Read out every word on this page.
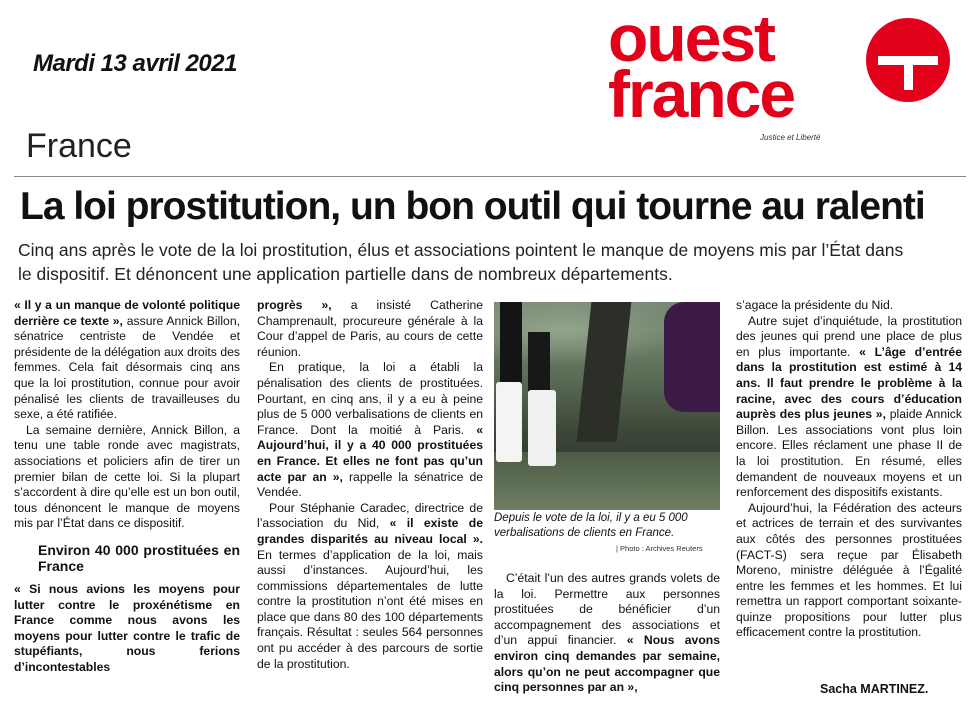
Mardi 13 avril 2021	ouest
france
Justice et Liberté
France
La loi prostitution, un bon outil qui tourne au ralenti
Cinq ans après le vote de la loi prostitution, élus et associations pointent le manque de moyens mis par l’État dans le dispositif. Et dénoncent une application partielle dans de nombreux départements.

« Il y a un manque de volonté politique derrière ce texte », assure Annick Billon, sénatrice centriste de Vendée et présidente de la délégation aux droits des femmes. Cela fait désormais cinq ans que la loi prostitution, connue pour avoir pénalisé les clients de travailleuses du sexe, a été ratifiée.

La semaine dernière, Annick Billon, a tenu une table ronde avec magistrats, associations et policiers afin de tirer un premier bilan de cette loi. Si la plupart s’accordent à dire qu’elle est un bon outil, tous dénoncent le manque de moyens mis par l’État dans ce dispositif.

Environ 40 000 prostituées en France

« Si nous avions les moyens pour lutter contre le proxénétisme en France comme nous avons les moyens pour lutter contre le trafic de stupéfiants, nous ferions d’incontestables

progrès », a insisté Catherine Champrenault, procureure générale à la Cour d’appel de Paris, au cours de cette réunion.

En pratique, la loi a établi la pénalisation des clients de prostituées. Pourtant, en cinq ans, il y a eu à peine plus de 5 000 verbalisations de clients en France. Dont la moitié à Paris. « Aujourd’hui, il y a 40 000 prostituées en France. Et elles ne font pas qu’un acte par an », rappelle la sénatrice de Vendée.

Pour Stéphanie Caradec, directrice de l’association du Nid, « il existe de grandes disparités au niveau local ». En termes d’application de la loi, mais aussi d’instances. Aujourd’hui, les commissions départementales de lutte contre la prostitution n’ont été mises en place que dans 80 des 100 départements français. Résultat : seules 564 personnes ont pu accéder à des parcours de sortie de la prostitution.

Depuis le vote de la loi, il y a eu 5 000 verbalisations de clients en France.
| Photo : Archives Reuters

C’était l’un des autres grands volets de la loi. Permettre aux personnes prostituées de bénéficier d’un accompagnement des associations et d’un appui financier. « Nous avons environ cinq demandes par semaine, alors qu’on ne peut accompagner que cinq personnes par an »,

s’agace la présidente du Nid.

Autre sujet d’inquiétude, la prostitution des jeunes qui prend une place de plus en plus importante. « L’âge d’entrée dans la prostitution est estimé à 14 ans. Il faut prendre le problème à la racine, avec des cours d’éducation auprès des plus jeunes », plaide Annick Billon. Les associations vont plus loin encore. Elles réclament une phase II de la loi prostitution. En résumé, elles demandent de nouveaux moyens et un renforcement des dispositifs existants.

Aujourd’hui, la Fédération des acteurs et actrices de terrain et des survivantes aux côtés des personnes prostituées (FACT-S) sera reçue par Élisabeth Moreno, ministre déléguée à l’Égalité entre les femmes et les hommes. Et lui remettra un rapport comportant soixante-quinze propositions pour lutter plus efficacement contre la prostitution.

Sacha MARTINEZ.
